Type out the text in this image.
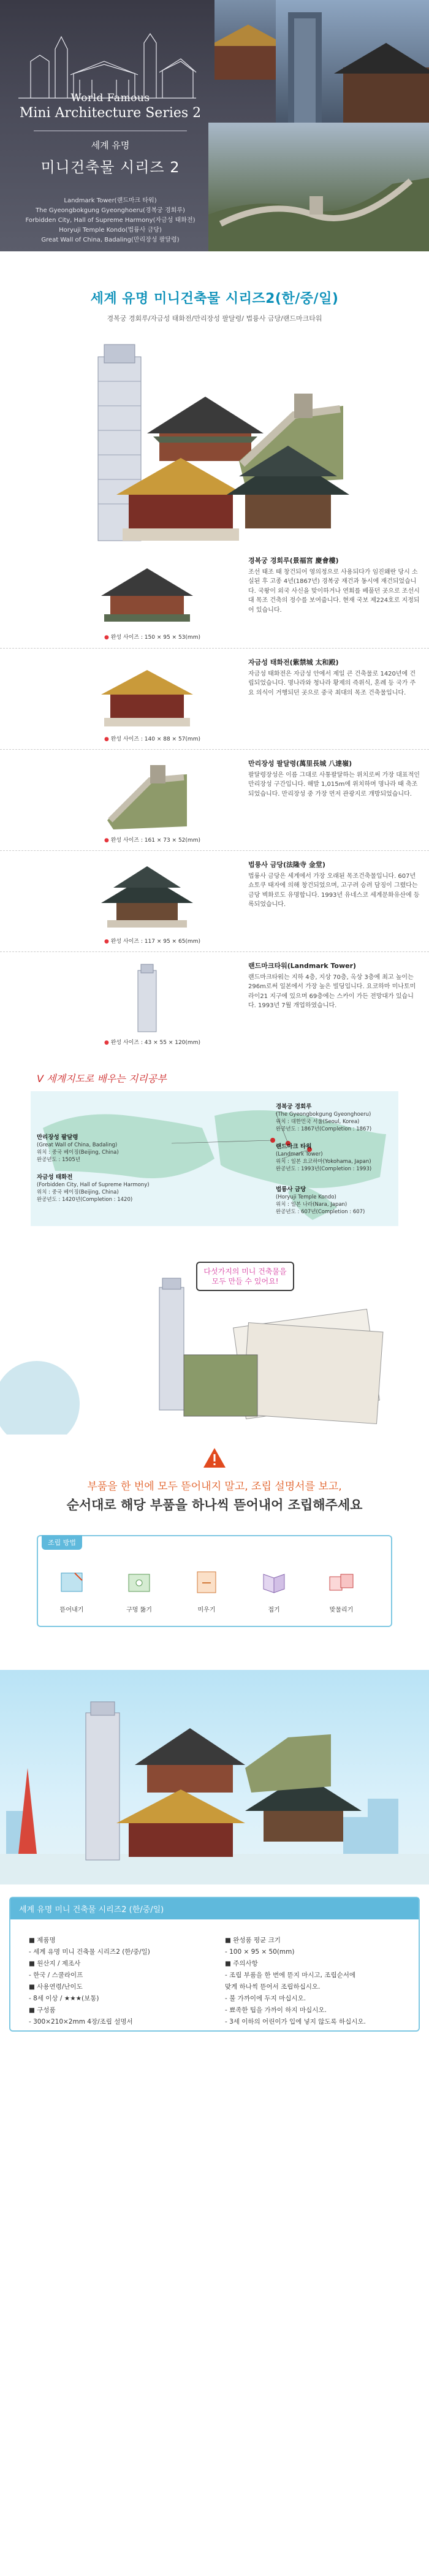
World Famous
Mini Architecture Series 2
세계 유명
미니건축물 시리즈 2
Landmark Tower(랜드마크 타워)
The Gyeongbokgung Gyeonghoeru(경복궁 경회루)
Forbidden City, Hall of Supreme Harmony(자금성 태화전)
Horyuji Temple Kondo(법륭사 금당)
Great Wall of China, Badaling(만리장성 팔달령)
세계 유명 미니건축물 시리즈2(한/중/일)
경복궁 경회루/자금성 태화전/만리장성 팔달령/ 법륭사 금당/랜드마크타워
● 완성 사이즈 : 150 × 95 × 53(mm)
경복궁 경회루(景福宮 慶會樓)
조선 태조 때 창건되어 영의정으로 사용되다가 임진왜란 당시 소실된 후 고종 4년(1867년) 경복궁 재건과 동시에 재건되었습니다. 국왕이 외국 사신을 맞이하거나 연회를 베풀던 곳으로 조선시대 목조 건축의 정수를 보여줍니다. 현재 국보 제224호로 지정되어 있습니다.
● 완성 사이즈 : 140 × 88 × 57(mm)
자금성 태화전(紫禁城 太和殿)
자금성 태화전은 자금성 안에서 제일 큰 건축물로 1420년에 건립되었습니다. 명나라와 청나라 황제의 즉위식, 혼례 등 국가 주요 의식이 거행되던 곳으로 중국 최대의 목조 건축물입니다.
● 완성 사이즈 : 161 × 73 × 52(mm)
만리장성 팔달령(萬里長城 八達嶺)
팔달령장성은 이름 그대로 사통팔달하는 위치로써 가장 대표적인 만리장성 구간입니다. 해발 1,015m에 위치하며 명나라 때 축조되었습니다. 만리장성 중 가장 먼저 관광지로 개방되었습니다.
● 완성 사이즈 : 117 × 95 × 65(mm)
법륭사 금당(法隆寺 金堂)
법륭사 금당은 세계에서 가장 오래된 목조건축물입니다. 607년 쇼토쿠 태자에 의해 창건되었으며, 고구려 승려 담징이 그렸다는 금당 벽화로도 유명합니다. 1993년 유네스코 세계문화유산에 등록되었습니다.
● 완성 사이즈 : 43 × 55 × 120(mm)
랜드마크타워(Landmark Tower)
랜드마크타워는 지하 4층, 지상 70층, 옥상 3층에 최고 높이는 296m로써 일본에서 가장 높은 빌딩입니다. 요코하마 미나토미라이21 지구에 있으며 69층에는 스카이 가든 전망대가 있습니다. 1993년 7월 개업하였습니다.
V 세계지도로 배우는 지리공부
경복궁 경회루
(The Gyeongbokgung Gyeonghoeru)
위치 : 대한민국 서울(Seoul, Korea)
완공년도 : 1867년(Completion : 1867)
만리장성 팔달령
(Great Wall of China, Badaling)
위치 : 중국 베이징(Beijing, China)
완공년도 : 1505년
랜드마크 타워
(Landmark Tower)
위치 : 일본 요코하마(Yokohama, Japan)
완공년도 : 1993년(Completion : 1993)
자금성 태화전
(Forbidden City, Hall of Supreme Harmony)
위치 : 중국 베이징(Beijing, China)
완공년도 : 1420년(Completion : 1420)
법륭사 금당
(Horyuji Temple Kondo)
위치 : 일본 나라(Nara, Japan)
완공년도 : 607년(Completion : 607)
다섯가지의 미니 건축물을 모두 만들 수 있어요!
부품을 한 번에 모두 뜯어내지 말고, 조립 설명서를 보고,
순서대로 해당 부품을 하나씩 뜯어내어 조립해주세요
조립 방법
뜯어내기	구멍 뚫기	미우기	접기	맞물리기
세계 유명 미니 건축물 시리즈2 (한/중/일)
■ 제품명
- 세계 유명 미니 건축물 시리즈2 (한/중/일)
■ 원산지 / 제조사
- 한국 / 스쿨라이프
■ 사용연령/난이도
- 8세 이상 / ★★★(보통)
■ 구성품
- 300×210×2mm 4장/조립 설명서
■ 완성품 평균 크기
- 100 × 95 × 50(mm)
■ 주의사항
- 조립 부품을 한 번에 뜯지 마시고, 조립순서에
맞게 하나씩 뜯어서 조립하십시오.
- 불 가까이에 두지 마십시오.
- 뾰족한 팁을 가까이 하지 마십시오.
- 3세 이하의 어린이가 입에 넣지 않도록 하십시오.
